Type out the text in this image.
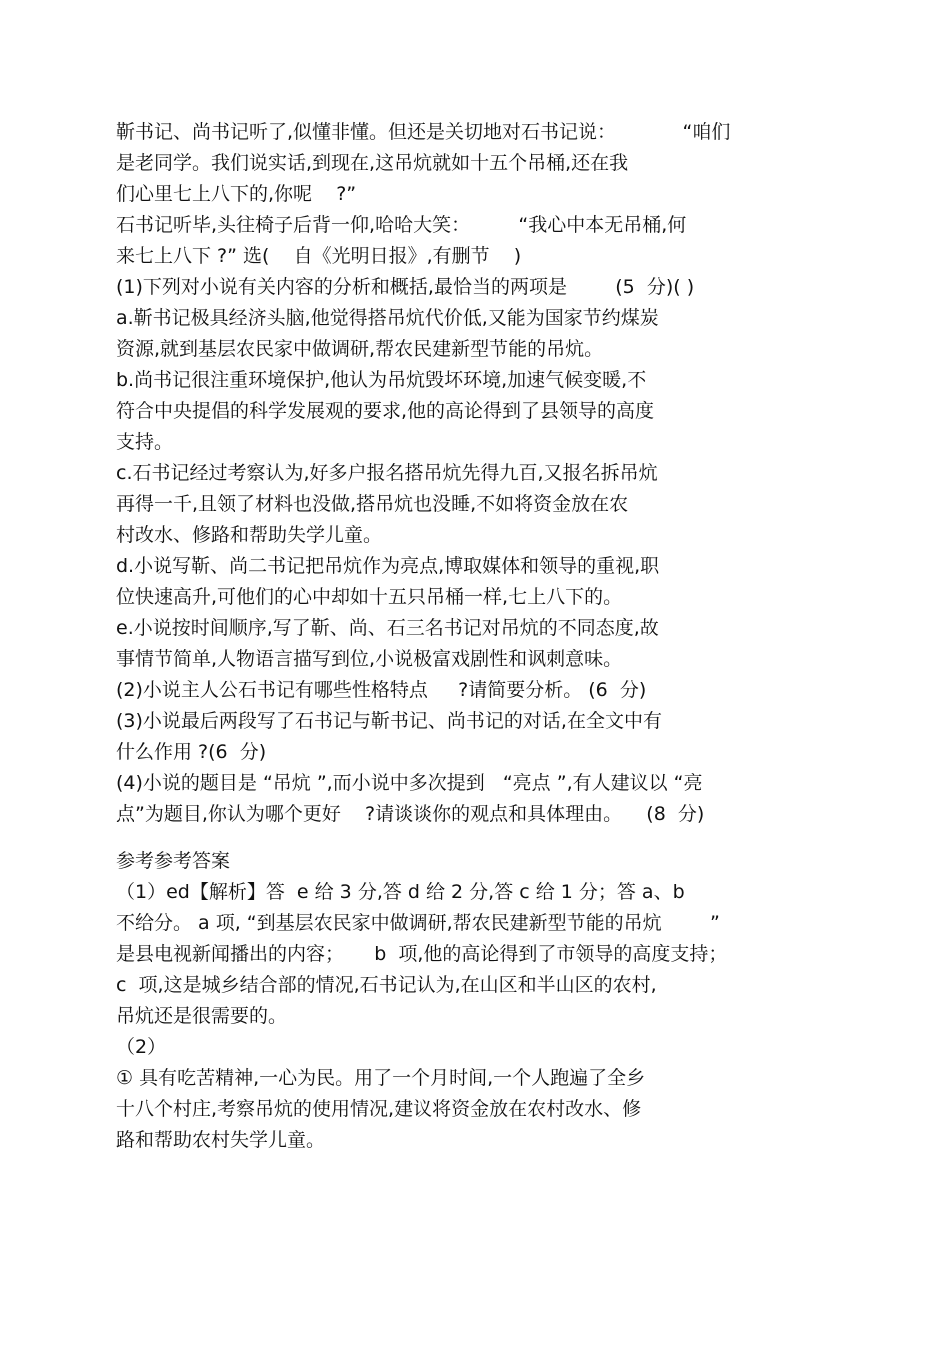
靳书记、尚书记听了,似懂非懂。但还是关切地对石书记说：           “咱们
是老同学。我们说实话,到现在,这吊炕就如十五个吊桶,还在我
们心里七上八下的,你呢    ?”
石书记听毕,头往椅子后背一仰,哈哈大笑：        “我心中本无吊桶,何
来七上八下 ?” 选(    自《光明日报》,有删节    )
(1)下列对小说有关内容的分析和概括,最恰当的两项是        (5  分)( )
a.靳书记极具经济头脑,他觉得搭吊炕代价低,又能为国家节约煤炭
资源,就到基层农民家中做调研,帮农民建新型节能的吊炕。
b.尚书记很注重环境保护,他认为吊炕毁坏环境,加速气候变暖,不
符合中央提倡的科学发展观的要求,他的高论得到了县领导的高度
支持。
c.石书记经过考察认为,好多户报名搭吊炕先得九百,又报名拆吊炕
再得一千,且领了材料也没做,搭吊炕也没睡,不如将资金放在农
村改水、修路和帮助失学儿童。
d.小说写靳、尚二书记把吊炕作为亮点,博取媒体和领导的重视,职
位快速高升,可他们的心中却如十五只吊桶一样,七上八下的。
e.小说按时间顺序,写了靳、尚、石三名书记对吊炕的不同态度,故
事情节简单,人物语言描写到位,小说极富戏剧性和讽刺意味。
(2)小说主人公石书记有哪些性格特点     ?请简要分析。 (6  分)
(3)小说最后两段写了石书记与靳书记、尚书记的对话,在全文中有
什么作用 ?(6  分)
(4)小说的题目是 “吊炕 ”,而小说中多次提到   “亮点 ”,有人建议以 “亮
点”为题目,你认为哪个更好    ?请谈谈你的观点和具体理由。    (8  分)
参考参考答案
（1）ed【解析】答  e 给 3 分,答 d 给 2 分,答 c 给 1 分；答 a、b
不给分。 a 项, “到基层农民家中做调研,帮农民建新型节能的吊炕        ”
是县电视新闻播出的内容；     b  项,他的高论得到了市领导的高度支持；
c  项,这是城乡结合部的情况,石书记认为,在山区和半山区的农村,
吊炕还是很需要的。
（2）
① 具有吃苦精神,一心为民。用了一个月时间,一个人跑遍了全乡
十八个村庄,考察吊炕的使用情况,建议将资金放在农村改水、修
路和帮助农村失学儿童。
